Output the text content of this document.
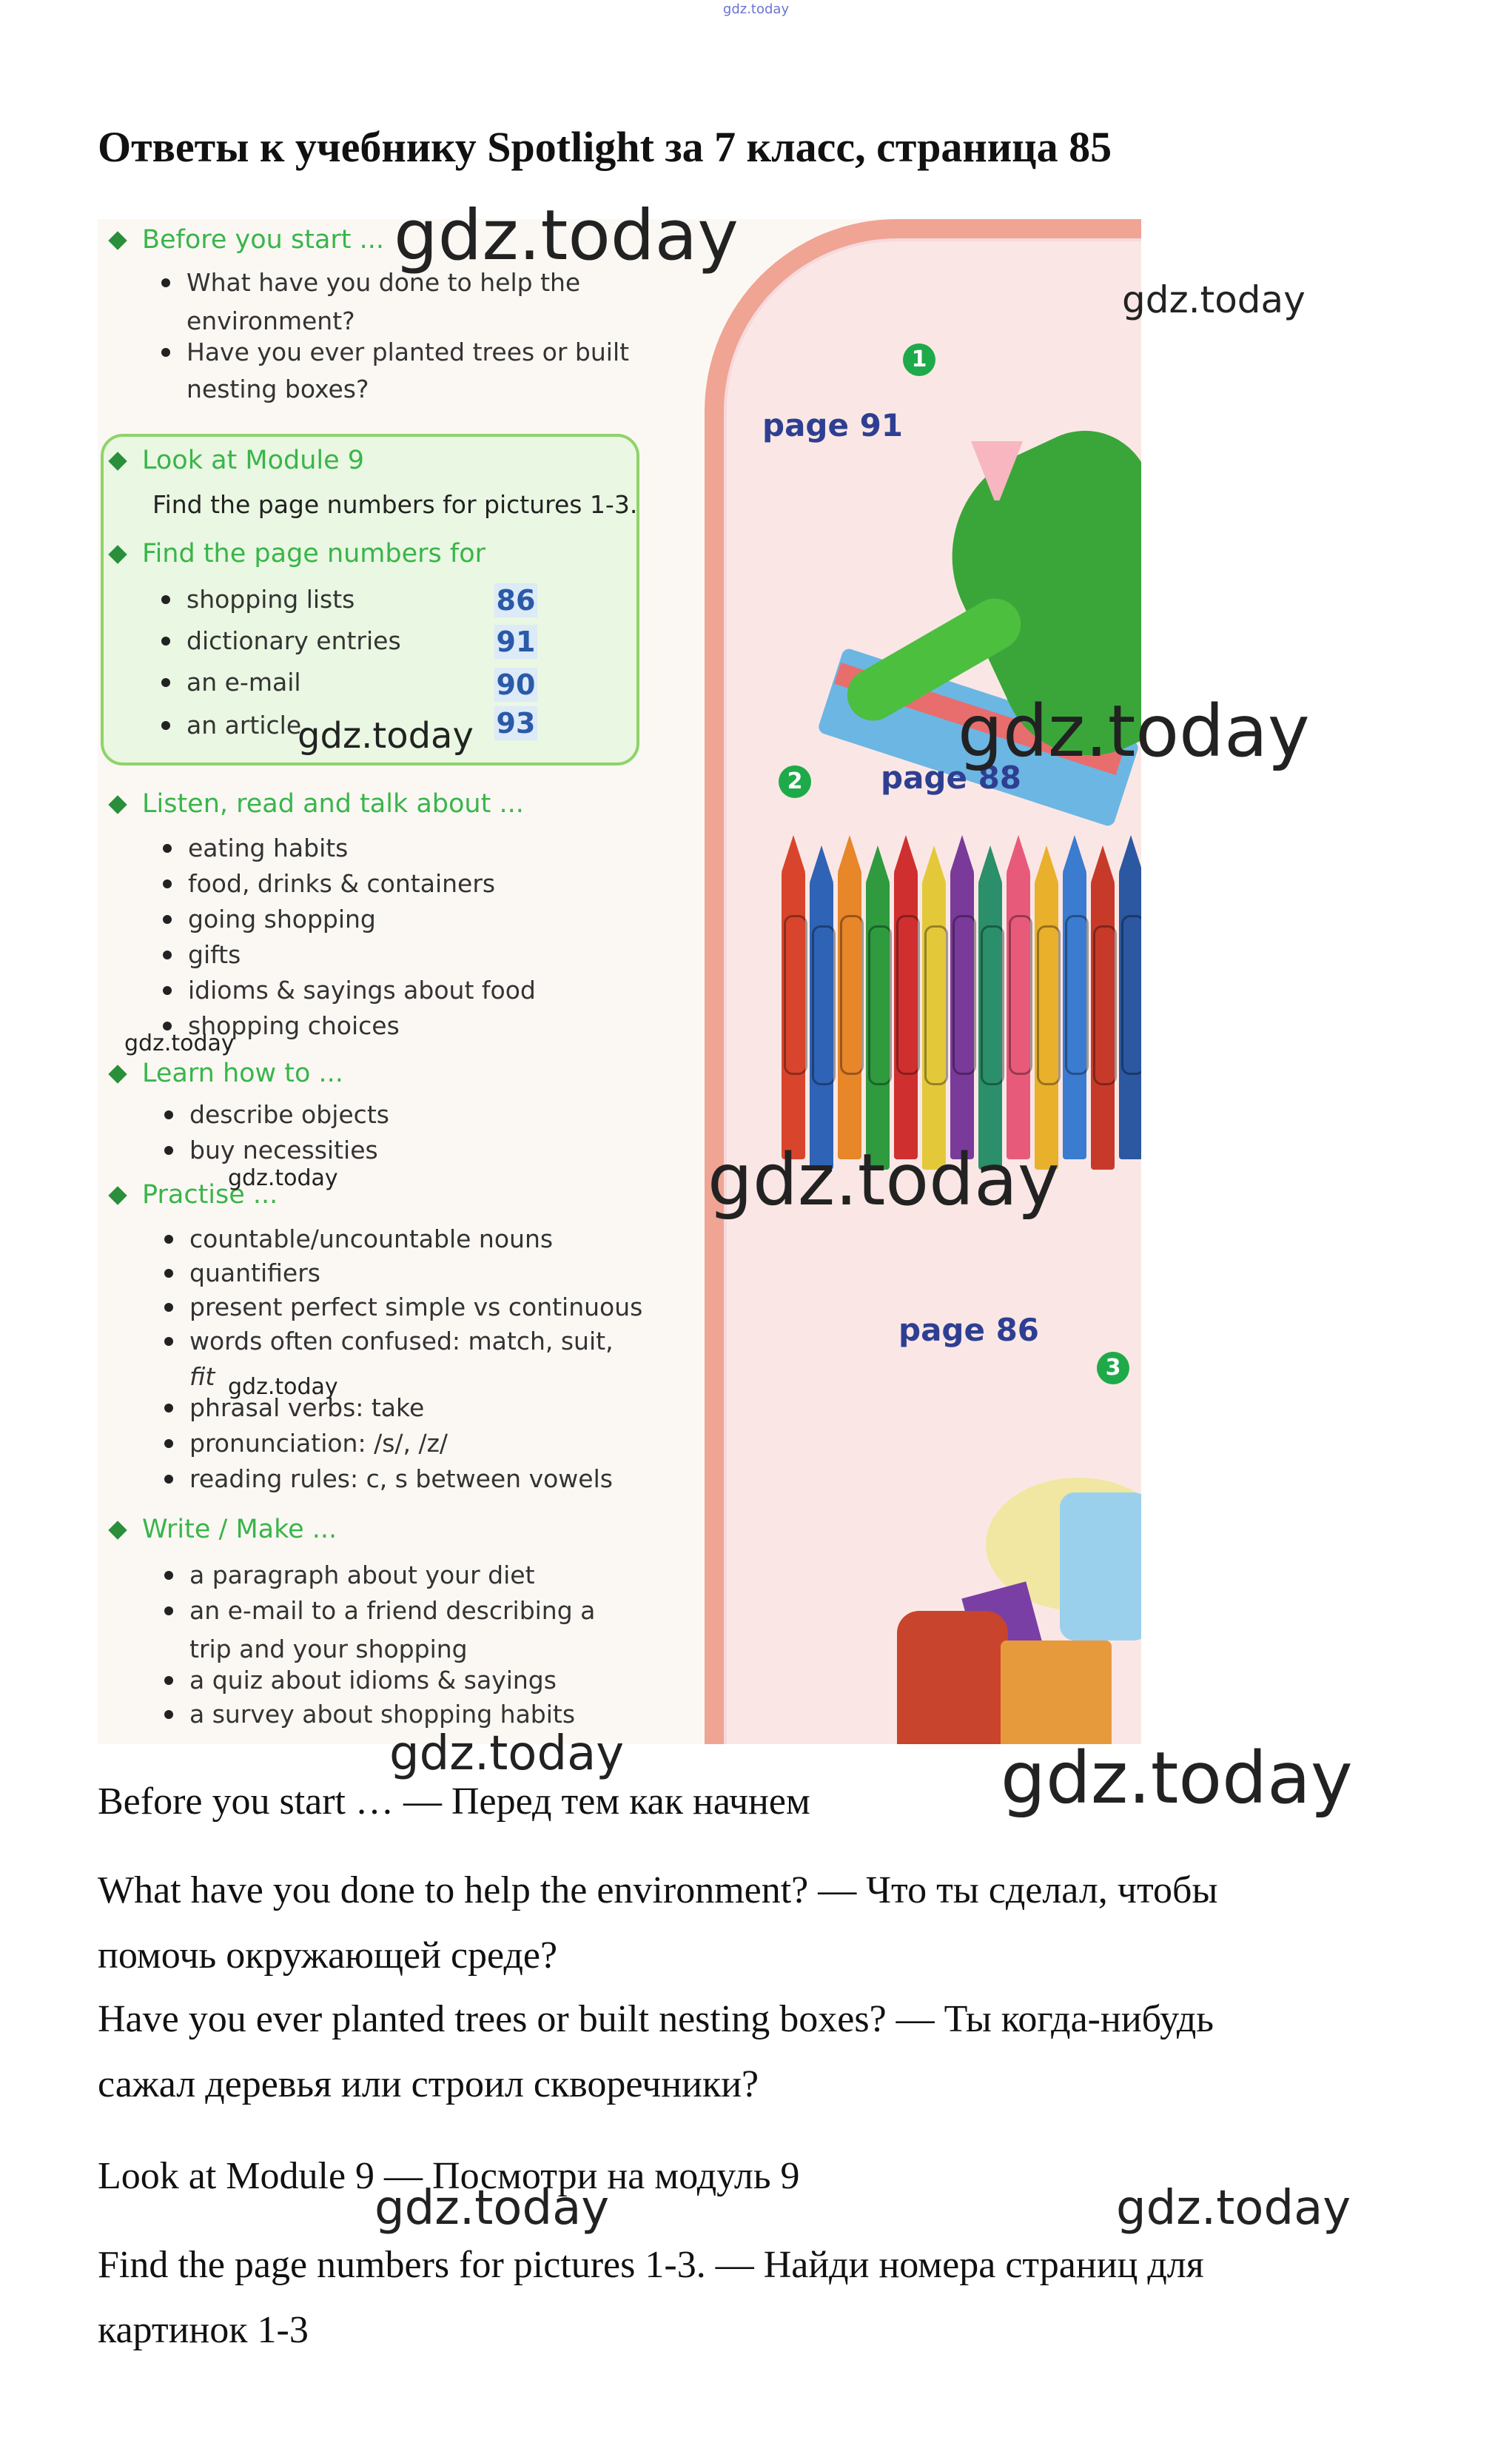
gdz.today
Ответы к учебнику Spotlight за 7 класс, страница 85
Before you start ...
What have you done to help the
environment?
Have you ever planted trees or built
nesting boxes?
Look at Module 9
Find the page numbers for pictures 1-3.
Find the page numbers for
shopping lists	86
dictionary entries	91
an e-mail	90
an article	93
Listen, read and talk about ...
eating habits
food, drinks & containers
going shopping
gifts
idioms & sayings about food
shopping choices
Learn how to ...
describe objects
buy necessities
Practise ...
countable/uncountable nouns
quantifiers
present perfect simple vs continuous
words often confused: match, suit,
fit
phrasal verbs: take
pronunciation: /s/, /z/
reading rules: c, s between vowels
Write / Make ...
a paragraph about your diet
an e-mail to a friend describing a
trip and your shopping
a quiz about idioms & sayings
a survey about shopping habits
1
page 91
2	page 88
page 86
3
gdz.today
gdz.today
gdz.today	gdz.today
gdz.today
gdz.today	gdz.today
gdz.today
gdz.today	gdz.today
gdz.today	gdz.today
Before you start … — Перед тем как начнем
What have you done to help the environment? — Что ты сделал, чтобы
помочь окружающей среде?
Have you ever planted trees or built nesting boxes? — Ты когда-нибудь
сажал деревья или строил скворечники?
Look at Module 9 — Посмотри на модуль 9
Find the page numbers for pictures 1-3. — Найди номера страниц для
картинок 1-3
